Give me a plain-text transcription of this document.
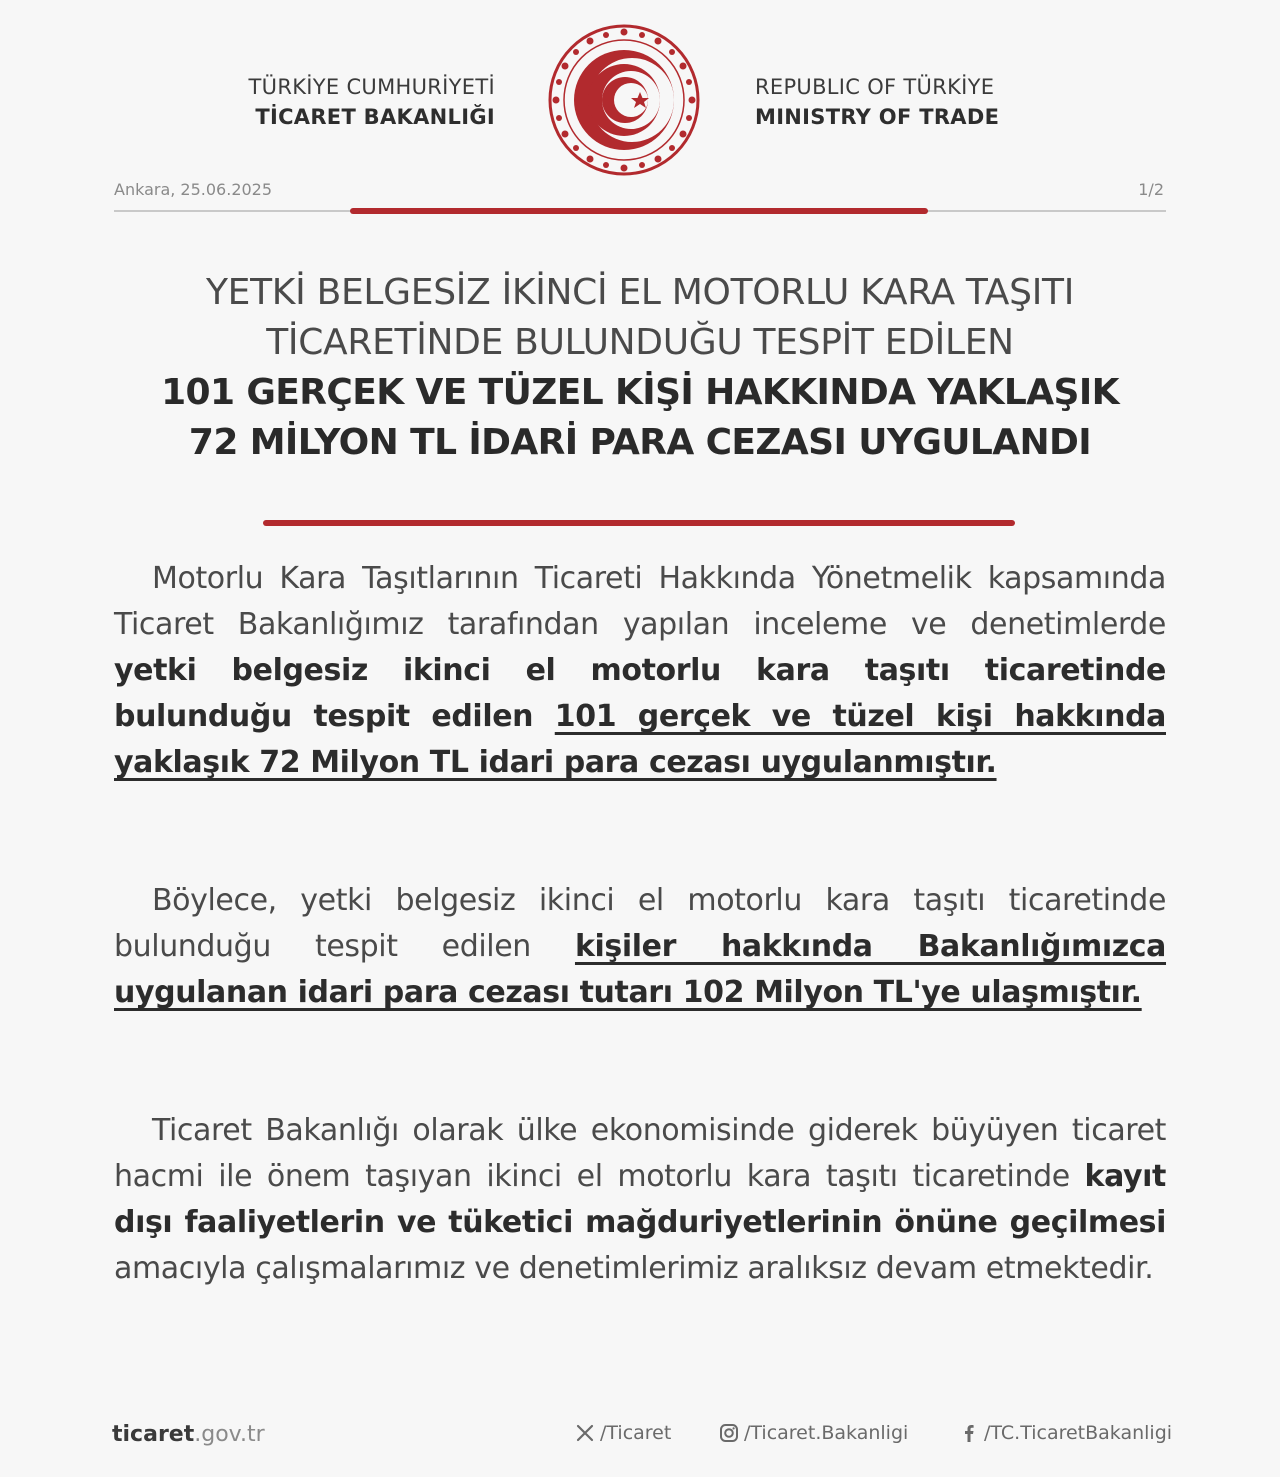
TÜRKİYE CUMHURİYETİ
TİCARET BAKANLIĞI
REPUBLIC OF TÜRKİYE
MINISTRY OF TRADE
Ankara, 25.06.2025	1/2
YETKİ BELGESİZ İKİNCİ EL MOTORLU KARA TAŞITI
TİCARETİNDE BULUNDUĞU TESPİT EDİLEN
101 GERÇEK VE TÜZEL KİŞİ HAKKINDA YAKLAŞIK
72 MİLYON TL İDARİ PARA CEZASI UYGULANDI
Motorlu Kara Taşıtlarının Ticareti Hakkında Yönetmelik kapsamında Ticaret Bakanlığımız tarafından yapılan inceleme ve denetimlerde yetki belgesiz ikinci el motorlu kara taşıtı ticaretinde bulunduğu tespit edilen 101 gerçek ve tüzel kişi hakkında yaklaşık 72 Milyon TL idari para cezası uygulanmıştır.
Böylece, yetki belgesiz ikinci el motorlu kara taşıtı ticaretinde bulunduğu tespit edilen kişiler hakkında Bakanlığımızca uygulanan idari para cezası tutarı 102 Milyon TL'ye ulaşmıştır.
Ticaret Bakanlığı olarak ülke ekonomisinde giderek büyüyen ticaret hacmi ile önem taşıyan ikinci el motorlu kara taşıtı ticaretinde kayıt dışı faaliyetlerin ve tüketici mağduriyetlerinin önüne geçilmesi amacıyla çalışmalarımız ve denetimlerimiz aralıksız devam etmektedir.
ticaret.gov.tr	/Ticaret	/Ticaret.Bakanligi	/TC.TicaretBakanligi
